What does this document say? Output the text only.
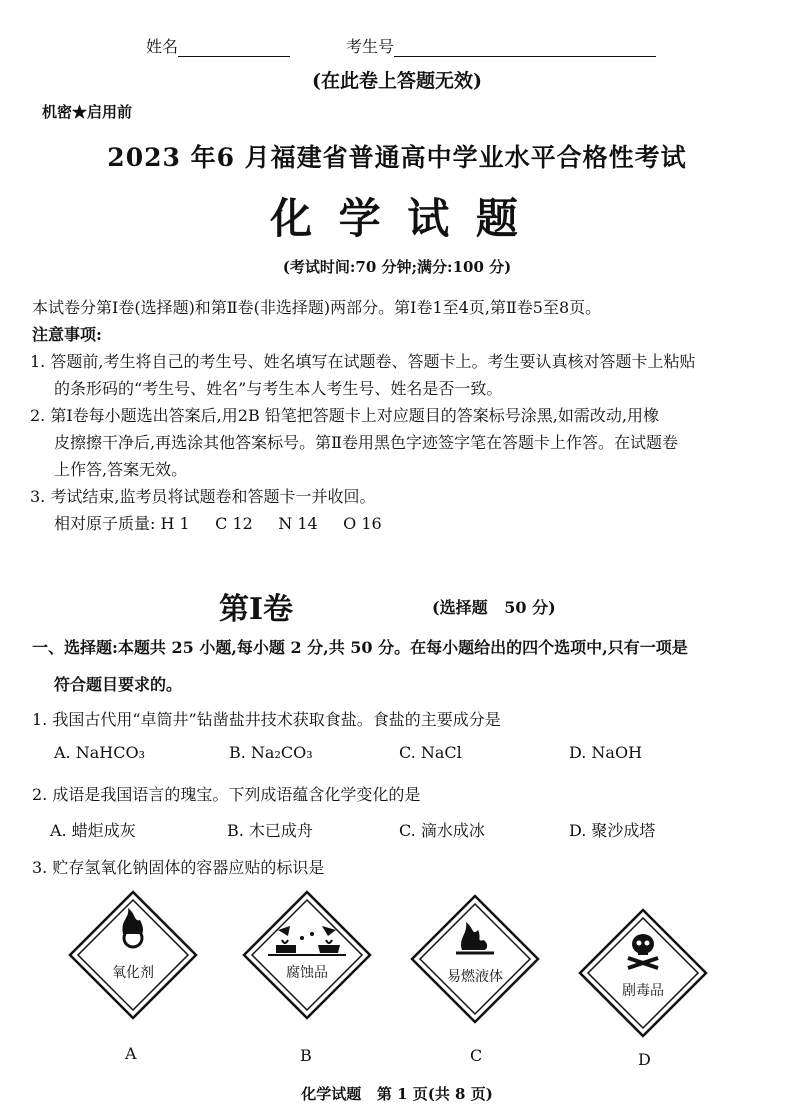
姓名	考生号
(在此卷上答题无效)
机密★启用前
2023 年6 月福建省普通高中学业水平合格性考试
化 学 试 题
(考试时间:70 分钟;满分:100 分)
本试卷分第Ⅰ卷(选择题)和第Ⅱ卷(非选择题)两部分。第Ⅰ卷1至4页,第Ⅱ卷5至8页。
注意事项:
1. 答题前,考生将自己的考生号、姓名填写在试题卷、答题卡上。考生要认真核对答题卡上粘贴
的条形码的“考生号、姓名”与考生本人考生号、姓名是否一致。
2. 第Ⅰ卷每小题选出答案后,用2B 铅笔把答题卡上对应题目的答案标号涂黑,如需改动,用橡
皮擦擦干净后,再选涂其他答案标号。第Ⅱ卷用黑色字迹签字笔在答题卡上作答。在试题卷
上作答,答案无效。
3. 考试结束,监考员将试题卷和答题卡一并收回。
相对原子质量: H 1     C 12     N 14     O 16
第Ⅰ卷	(选择题   50 分)
一、选择题:本题共 25 小题,每小题 2 分,共 50 分。在每小题给出的四个选项中,只有一项是
符合题目要求的。
1. 我国古代用“卓筒井”钻凿盐井技术获取食盐。食盐的主要成分是
A. NaHCO₃	B. Na₂CO₃	C. NaCl	D. NaOH
2. 成语是我国语言的瑰宝。下列成语蕴含化学变化的是
A. 蜡炬成灰	B. 木已成舟	C. 滴水成冰	D. 聚沙成塔
3. 贮存氢氧化钠固体的容器应贴的标识是
氧化剂
A
腐蚀品
B
易燃液体
C
剧毒品
D
化学试题   第 1 页(共 8 页)
